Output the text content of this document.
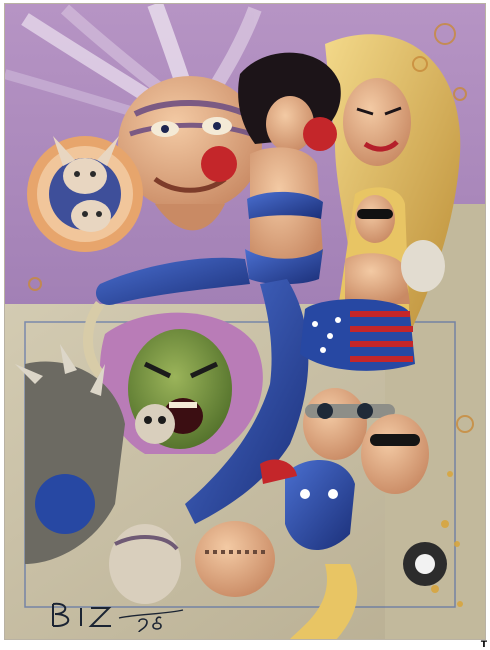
T
